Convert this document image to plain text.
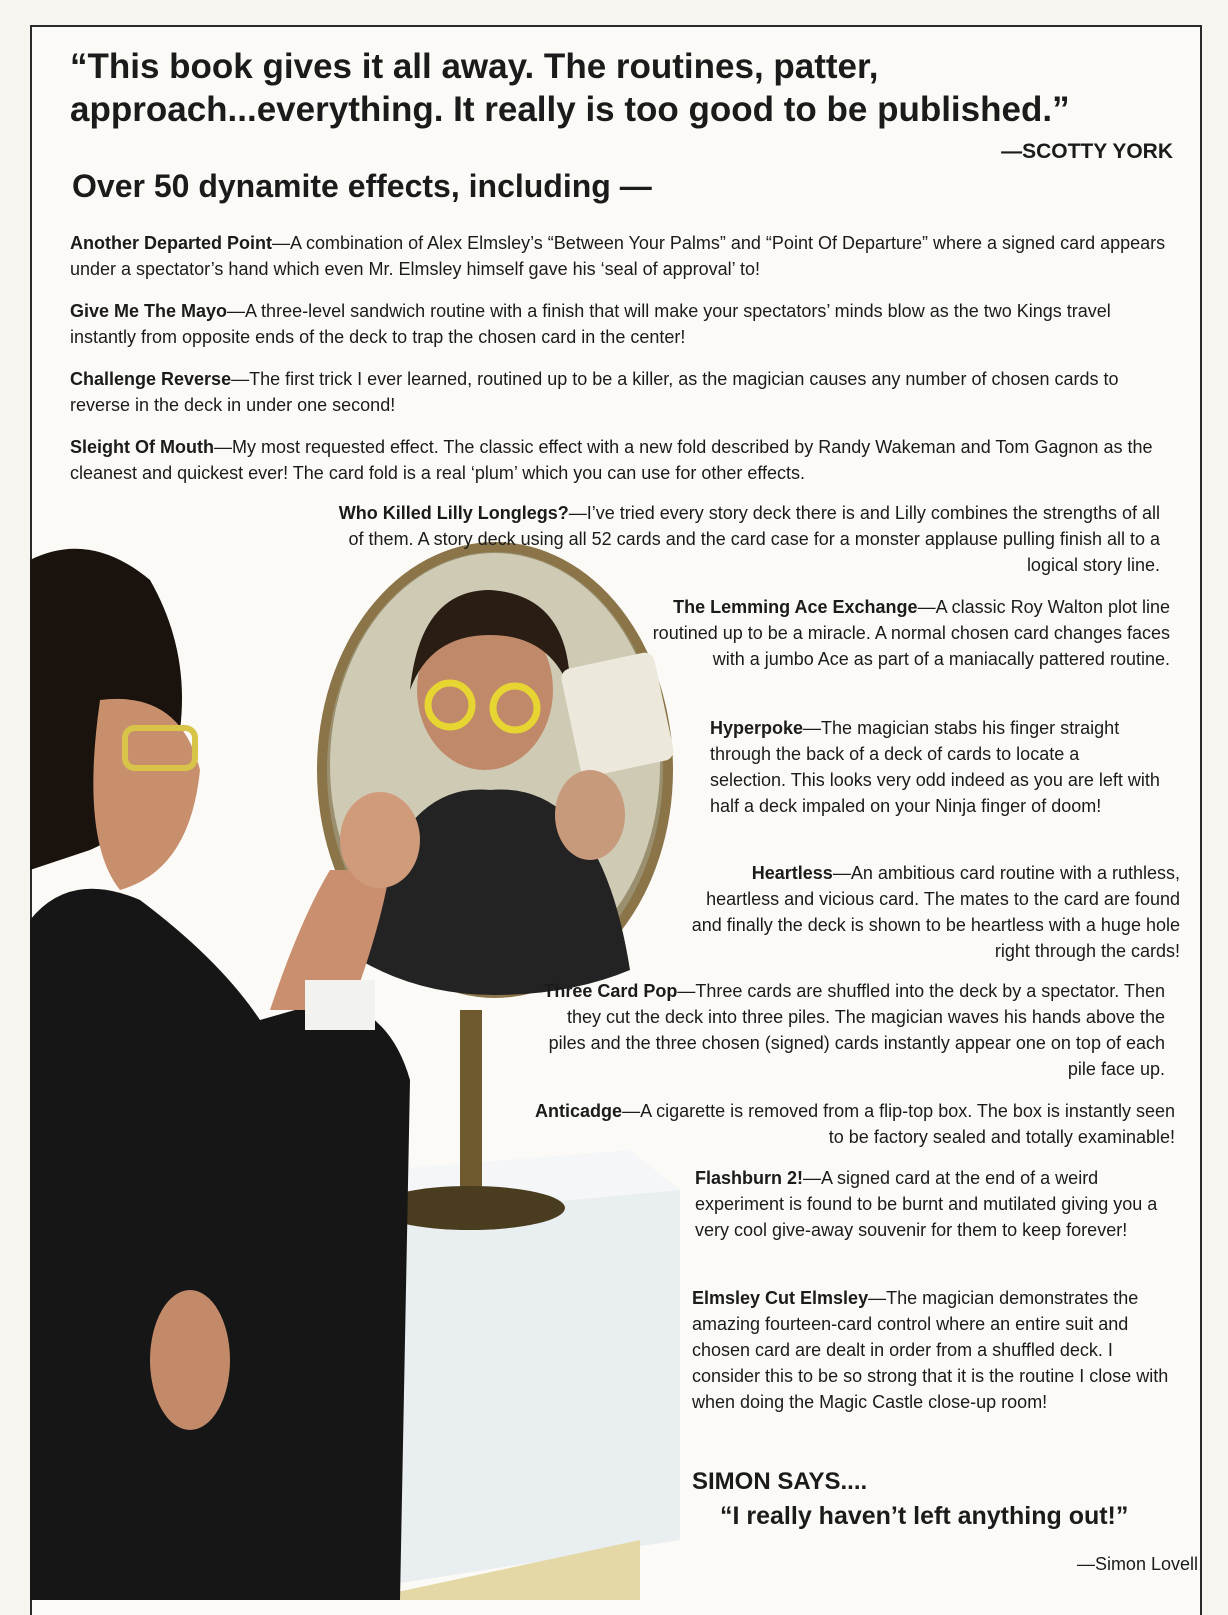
“This book gives it all away. The routines, patter,
approach...everything. It really is too good to be published.”

—SCOTTY YORK

Over 50 dynamite effects, including —

Another Departed Point—A combination of Alex Elmsley’s “Between Your Palms” and “Point Of Departure” where a signed card appears under a spectator’s hand which even Mr. Elmsley himself gave his ‘seal of approval’ to!

Give Me The Mayo—A three-level sandwich routine with a finish that will make your spectators’ minds blow as the two Kings travel instantly from opposite ends of the deck to trap the chosen card in the center!

Challenge Reverse—The first trick I ever learned, routined up to be a killer, as the magician causes any number of chosen cards to reverse in the deck in under one second!

Sleight Of Mouth—My most requested effect. The classic effect with a new fold described by Randy Wakeman and Tom Gagnon as the cleanest and quickest ever! The card fold is a real ‘plum’ which you can use for other effects.

Who Killed Lilly Longlegs?—I’ve tried every story deck there is and Lilly combines the strengths of all of them. A story deck using all 52 cards and the card case for a monster applause pulling finish all to a logical story line.

The Lemming Ace Exchange—A classic Roy Walton plot line routined up to be a miracle. A normal chosen card changes faces with a jumbo Ace as part of a maniacally pattered routine.

Hyperpoke—The magician stabs his finger straight through the back of a deck of cards to locate a selection. This looks very odd indeed as you are left with half a deck impaled on your Ninja finger of doom!

Heartless—An ambitious card routine with a ruthless, heartless and vicious card. The mates to the card are found and finally the deck is shown to be heartless with a huge hole right through the cards!

Three Card Pop—Three cards are shuffled into the deck by a spectator. Then they cut the deck into three piles. The magician waves his hands above the piles and the three chosen (signed) cards instantly appear one on top of each pile face up.

Anticadge—A cigarette is removed from a flip-top box. The box is instantly seen to be factory sealed and totally examinable!

Flashburn 2!—A signed card at the end of a weird experiment is found to be burnt and mutilated giving you a very cool give-away souvenir for them to keep forever!

Elmsley Cut Elmsley—The magician demonstrates the amazing fourteen-card control where an entire suit and chosen card are dealt in order from a shuffled deck. I consider this to be so strong that it is the routine I close with when doing the Magic Castle close-up room!

SIMON SAYS....

“I really haven’t left anything out!”

—Simon Lovell
